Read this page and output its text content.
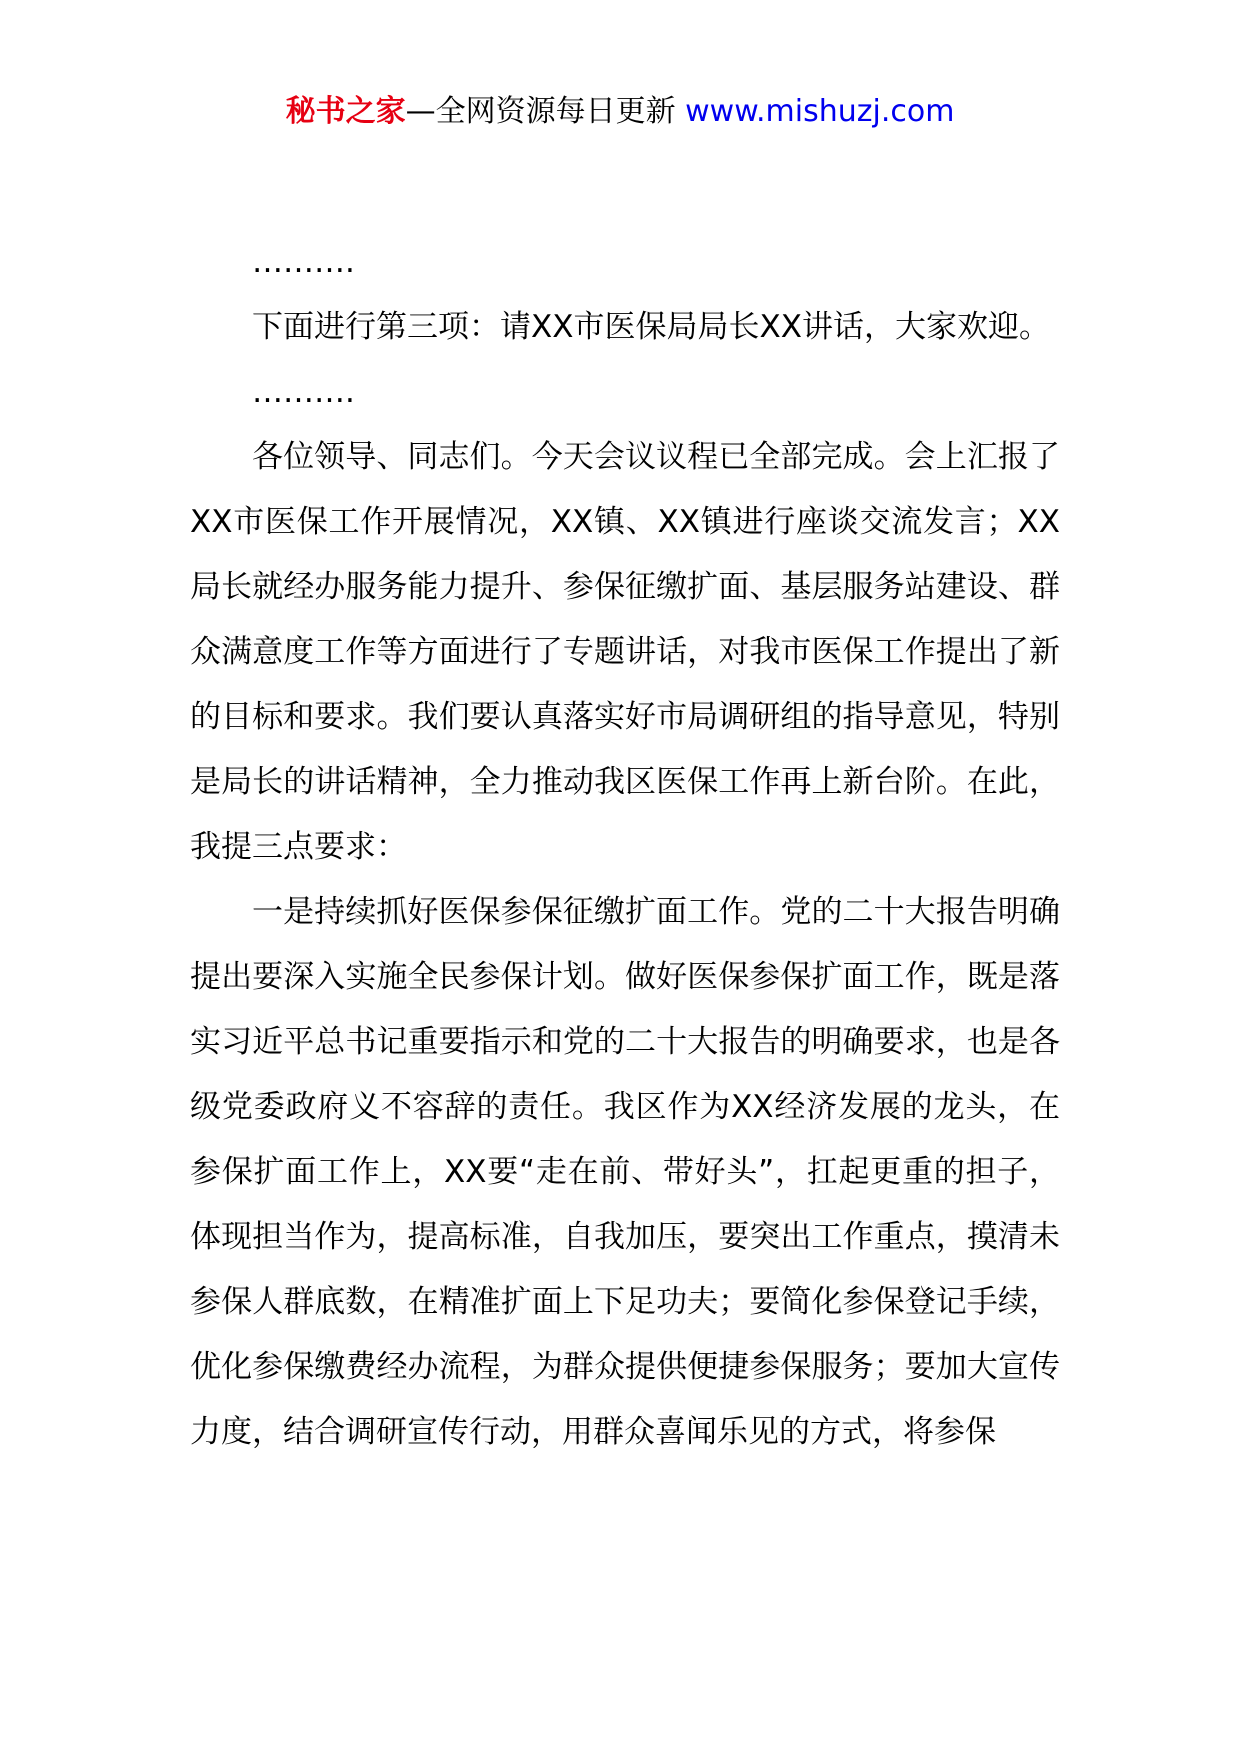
秘书之家—全网资源每日更新 www.mishuzj.com

……….

下面进行第三项：请XX市医保局局长XX讲话，大家欢迎。

……….

各位领导、同志们。今天会议议程已全部完成。会上汇报了XX市医保工作开展情况，XX镇、XX镇进行座谈交流发言；XX局长就经办服务能力提升、参保征缴扩面、基层服务站建设、群众满意度工作等方面进行了专题讲话，对我市医保工作提出了新的目标和要求。我们要认真落实好市局调研组的指导意见，特别是局长的讲话精神，全力推动我区医保工作再上新台阶。在此，我提三点要求：

一是持续抓好医保参保征缴扩面工作。党的二十大报告明确提出要深入实施全民参保计划。做好医保参保扩面工作，既是落实习近平总书记重要指示和党的二十大报告的明确要求，也是各级党委政府义不容辞的责任。我区作为XX经济发展的龙头，在参保扩面工作上，XX要“走在前、带好头”，扛起更重的担子，体现担当作为，提高标准，自我加压，要突出工作重点，摸清未参保人群底数，在精准扩面上下足功夫；要简化参保登记手续，优化参保缴费经办流程，为群众提供便捷参保服务；要加大宣传力度，结合调研宣传行动，用群众喜闻乐见的方式，将参保
